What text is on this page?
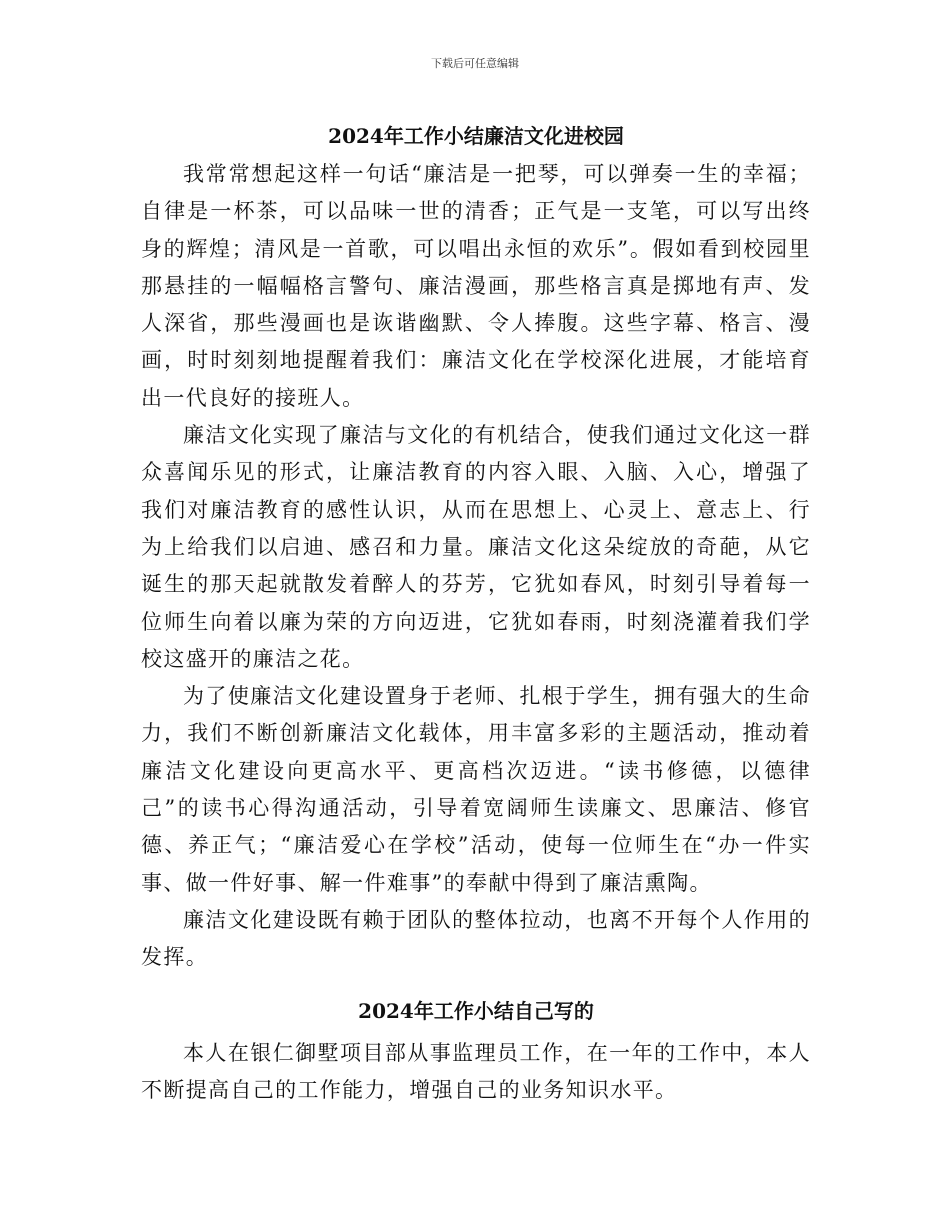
下载后可任意编辑
2024年工作小结廉洁文化进校园

我常常想起这样一句话“廉洁是一把琴，可以弹奏一生的幸福；自律是一杯茶，可以品味一世的清香；正气是一支笔，可以写出终身的辉煌；清风是一首歌，可以唱出永恒的欢乐”。假如看到校园里那悬挂的一幅幅格言警句、廉洁漫画，那些格言真是掷地有声、发人深省，那些漫画也是诙谐幽默、令人捧腹。这些字幕、格言、漫画，时时刻刻地提醒着我们：廉洁文化在学校深化进展，才能培育出一代良好的接班人。

廉洁文化实现了廉洁与文化的有机结合，使我们通过文化这一群众喜闻乐见的形式，让廉洁教育的内容入眼、入脑、入心，增强了我们对廉洁教育的感性认识，从而在思想上、心灵上、意志上、行为上给我们以启迪、感召和力量。廉洁文化这朵绽放的奇葩，从它诞生的那天起就散发着醉人的芬芳，它犹如春风，时刻引导着每一位师生向着以廉为荣的方向迈进，它犹如春雨，时刻浇灌着我们学校这盛开的廉洁之花。

为了使廉洁文化建设置身于老师、扎根于学生，拥有强大的生命力，我们不断创新廉洁文化载体，用丰富多彩的主题活动，推动着廉洁文化建设向更高水平、更高档次迈进。“读书修德，以德律己”的读书心得沟通活动，引导着宽阔师生读廉文、思廉洁、修官德、养正气；“廉洁爱心在学校”活动，使每一位师生在“办一件实事、做一件好事、解一件难事”的奉献中得到了廉洁熏陶。

廉洁文化建设既有赖于团队的整体拉动，也离不开每个人作用的发挥。

2024年工作小结自己写的

本人在银仁御墅项目部从事监理员工作，在一年的工作中，本人不断提高自己的工作能力，增强自己的业务知识水平。
